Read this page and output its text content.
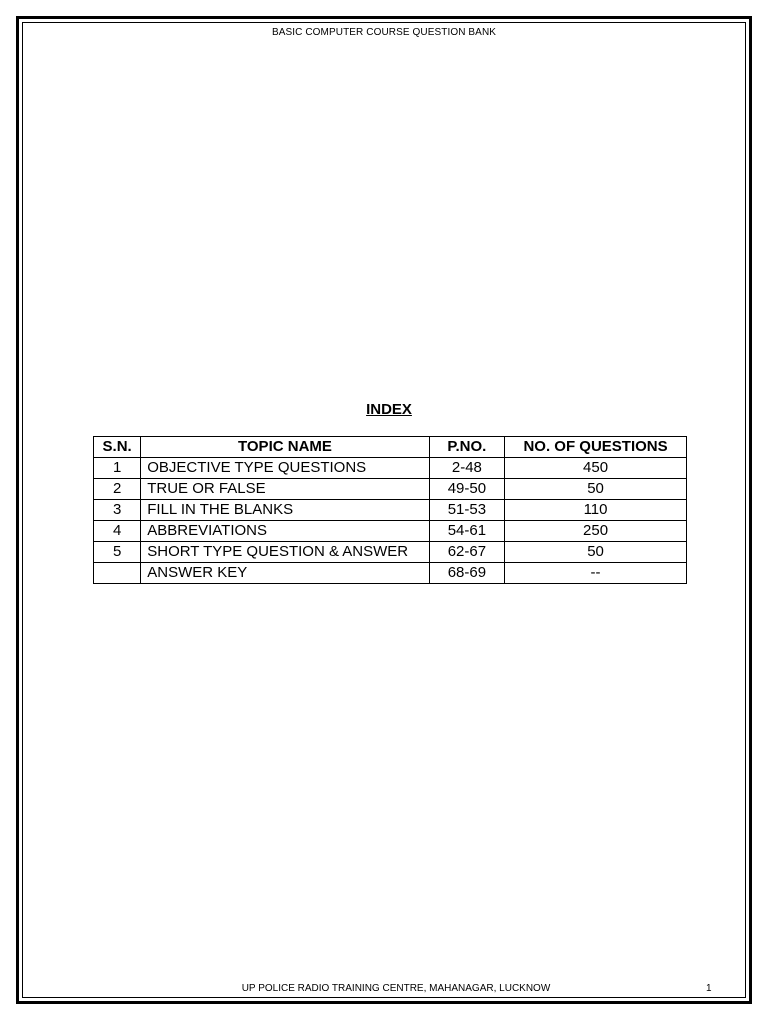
BASIC COMPUTER COURSE QUESTION BANK
INDEX
S.N.	TOPIC NAME	P.NO.	NO. OF QUESTIONS
1	OBJECTIVE TYPE QUESTIONS	2-48	450
2	TRUE OR FALSE	49-50	50
3	FILL IN THE BLANKS	51-53	110
4	ABBREVIATIONS	54-61	250
5	SHORT TYPE QUESTION & ANSWER	62-67	50
	ANSWER KEY	68-69	--
UP POLICE RADIO TRAINING CENTRE, MAHANAGAR, LUCKNOW	1
